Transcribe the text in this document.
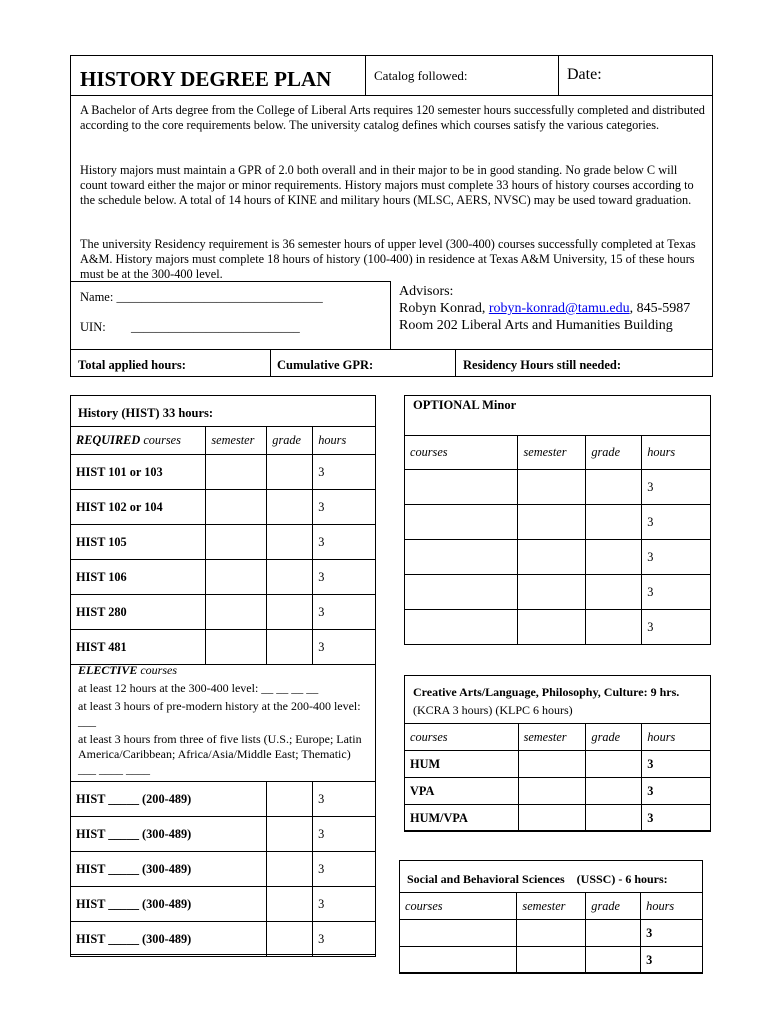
HISTORY DEGREE PLAN	Catalog followed:	Date:
A Bachelor of Arts degree from the College of Liberal Arts requires 120 semester hours successfully completed and distributed according to the core requirements below. The university catalog defines which courses satisfy the various categories.
History majors must maintain a GPR of 2.0 both overall and in their major to be in good standing. No grade below C will count toward either the major or minor requirements. History majors must complete 33 hours of history courses according to the schedule below. A total of 14 hours of KINE and military hours (MLSC, AERS, NVSC) may be used toward graduation.
The university Residency requirement is 36 semester hours of upper level (300-400) courses successfully completed at Texas A&M. History majors must complete 18 hours of history (100-400) in residence at Texas A&M University, 15 of these hours must be at the 300-400 level.
Name: _________________________________
UIN: ___________________________
Advisors:
Robyn Konrad, robyn-konrad@tamu.edu, 845-5987
Room 202 Liberal Arts and Humanities Building
Total applied hours:	Cumulative GPR:	Residency Hours still needed:
History (HIST) 33 hours:
REQUIRED courses	semester	grade	hours
HIST 101 or 103			3
HIST 102 or 104			3
HIST 105			3
HIST 106			3
HIST 280			3
HIST 481			3
ELECTIVE courses
at least 12 hours at the 300-400 level: __ __ __ __
at least 3 hours of pre-modern history at the 200-400 level: ___
at least 3 hours from three of five lists (U.S.; Europe; Latin America/Caribbean; Africa/Asia/Middle East; Thematic) ___ ____ ____
HIST _____ (200-489)		3
HIST _____ (300-489)		3
HIST _____ (300-489)		3
HIST _____ (300-489)		3
HIST _____ (300-489)		3
OPTIONAL Minor
courses	semester	grade	hours
			3
			3
			3
			3
			3
Creative Arts/Language, Philosophy, Culture: 9 hrs.
(KCRA 3 hours) (KLPC 6 hours)
courses	semester	grade	hours
HUM			3
VPA			3
HUM/VPA			3
Social and Behavioral Sciences    (USSC) - 6 hours:
courses	semester	grade	hours
			3
			3
